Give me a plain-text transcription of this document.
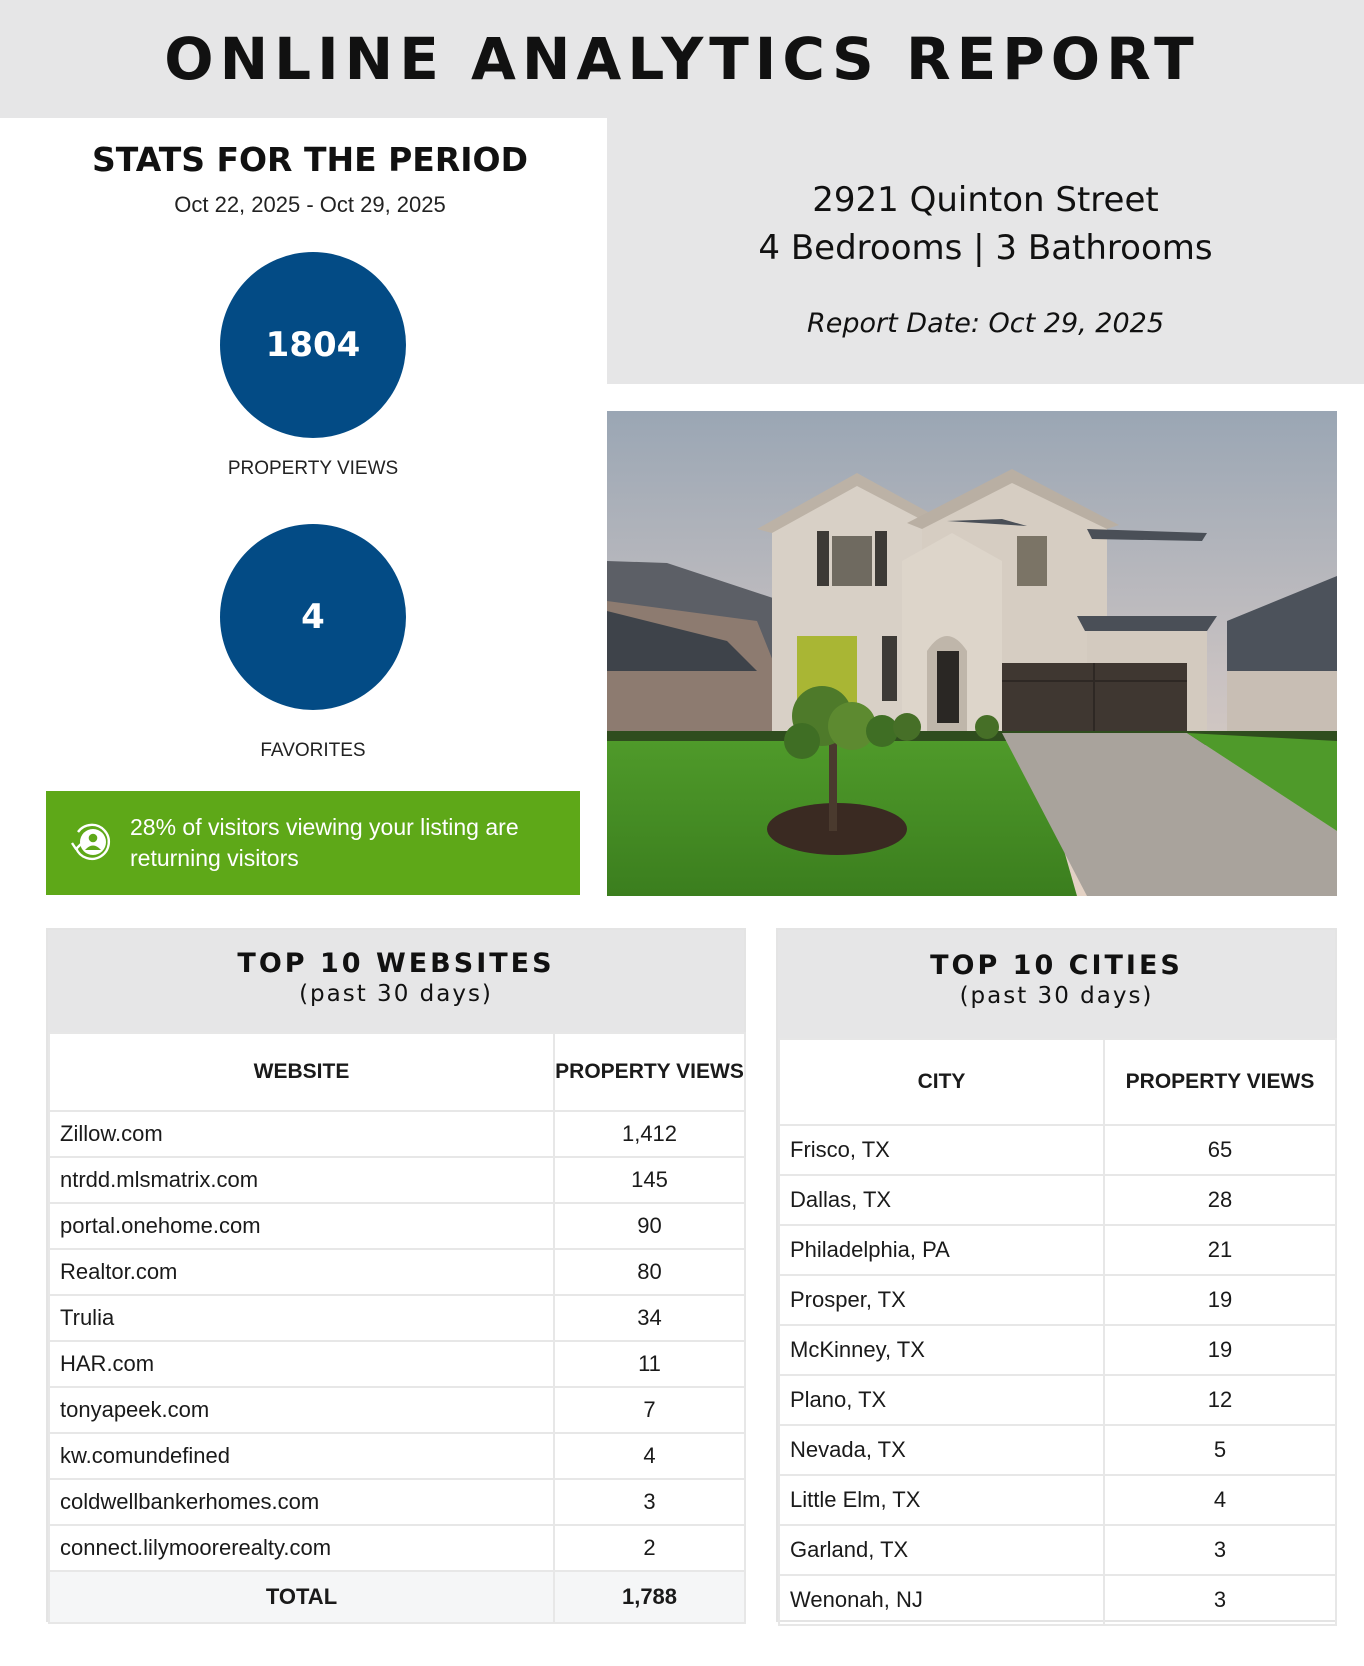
ONLINE ANALYTICS REPORT
STATS FOR THE PERIOD
Oct 22, 2025 - Oct 29, 2025
1804
PROPERTY VIEWS
4
FAVORITES
28% of visitors viewing your listing are returning visitors
2921 Quinton Street
4 Bedrooms | 3 Bathrooms
Report Date: Oct 29, 2025
TOP 10 WEBSITES
(past 30 days)
WEBSITE	PROPERTY VIEWS
Zillow.com	1,412
ntrdd.mlsmatrix.com	145
portal.onehome.com	90
Realtor.com	80
Trulia	34
HAR.com	11
tonyapeek.com	7
kw.comundefined	4
coldwellbankerhomes.com	3
connect.lilymoorerealty.com	2
TOTAL	1,788
TOP 10 CITIES
(past 30 days)
CITY	PROPERTY VIEWS
Frisco, TX	65
Dallas, TX	28
Philadelphia, PA	21
Prosper, TX	19
McKinney, TX	19
Plano, TX	12
Nevada, TX	5
Little Elm, TX	4
Garland, TX	3
Wenonah, NJ	3
